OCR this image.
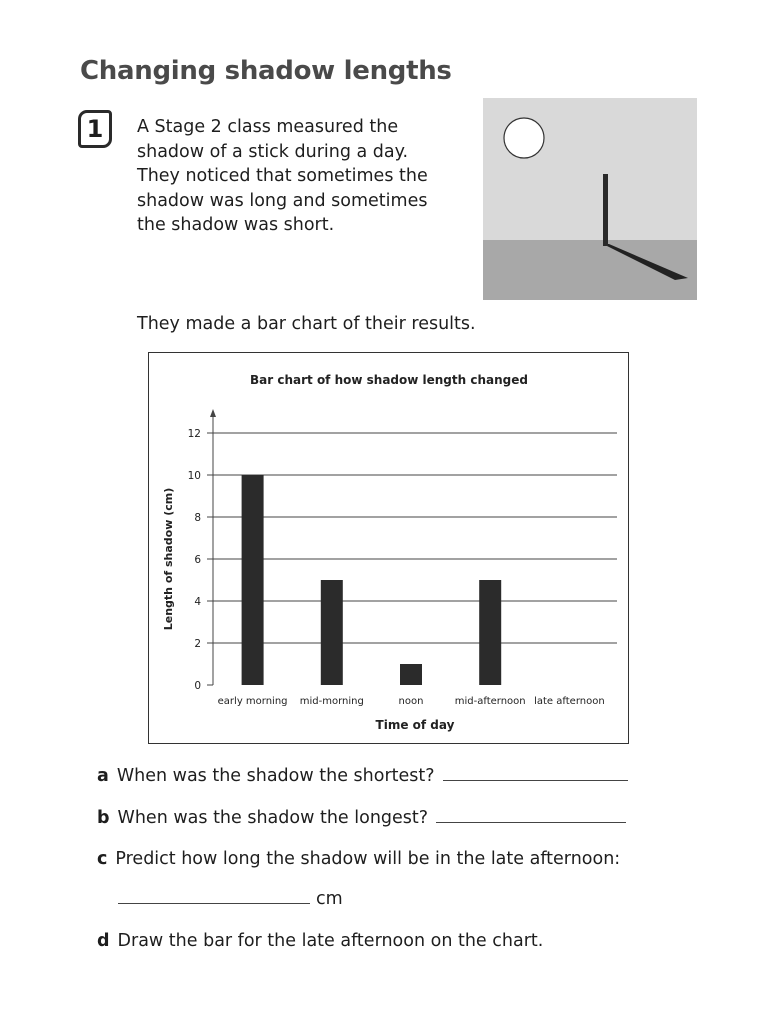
Changing shadow lengths
1	A Stage 2 class measured the

shadow of a stick during a day.

They noticed that sometimes the

shadow was long and sometimes

the shadow was short.

They made a bar chart of their results.
Bar chart of how shadow length changed
0
2
4
6
8
10
12
early morning mid-morning	noon	mid-afternoon late afternoon
Time of day
Length of shadow (cm)
a When was the shadow the shortest?
b When was the shadow the longest?
c Predict how long the shadow will be in the late afternoon:
cm
d Draw the bar for the late afternoon on the chart.
